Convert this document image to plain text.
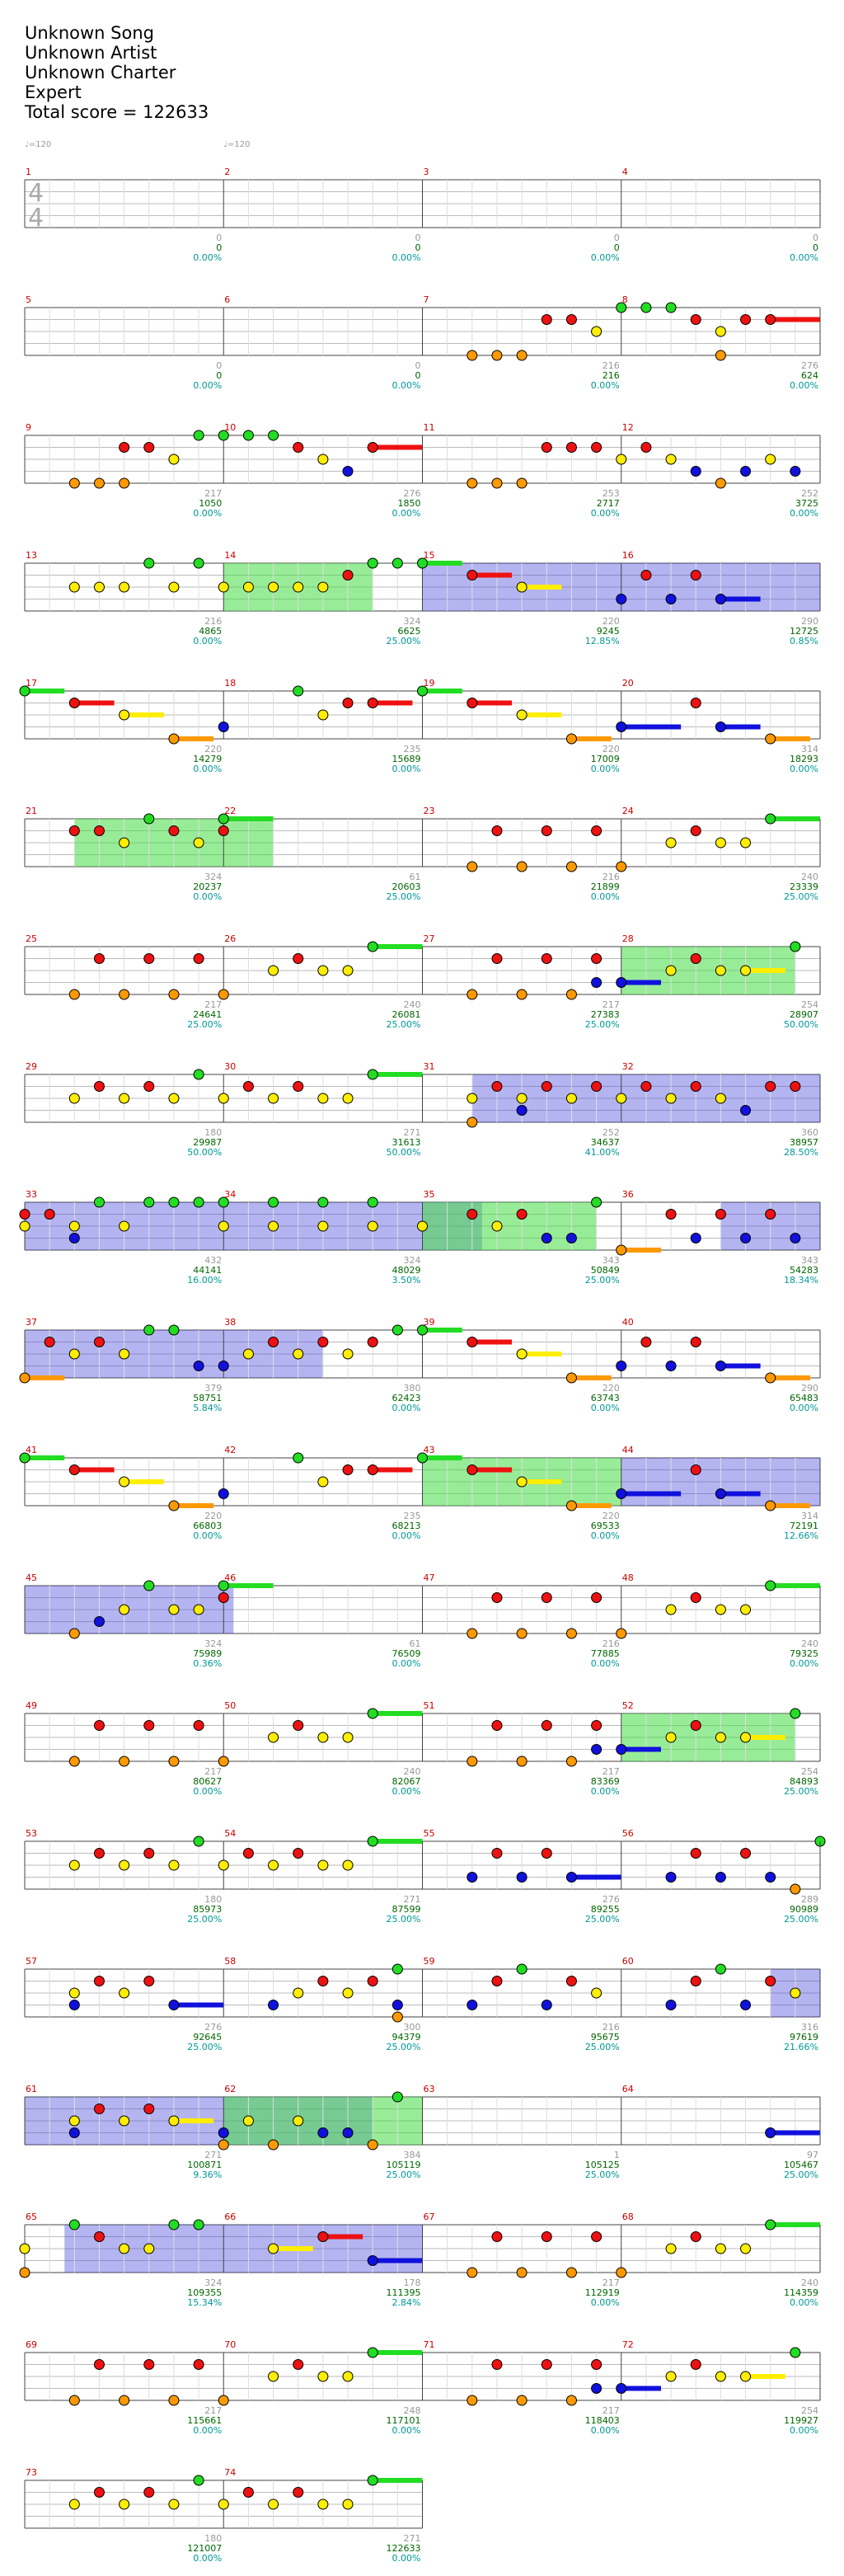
Unknown Song
Unknown Artist
Unknown Charter
Expert
Total score = 122633
1
0
0
0.00%
2
0
0
0.00%
3
0
0
0.00%
4
0
0
0.00%
5
0
0
0.00%
6
0
0
0.00%
7
216
216
0.00%
8
276
624
0.00%
9
217
1050
0.00%
10
276
1850
0.00%
11
253
2717
0.00%
12
252
3725
0.00%
13
216
4865
0.00%
14
324
6625
25.00%
15
220
9245
12.85%
16
290
12725
0.85%
17
220
14279
0.00%
18
235
15689
0.00%
19
220
17009
0.00%
20
314
18293
0.00%
21
324
20237
0.00%
22
61
20603
25.00%
23
216
21899
0.00%
24
240
23339
25.00%
25
217
24641
25.00%
26
240
26081
25.00%
27
217
27383
25.00%
28
254
28907
50.00%
29
180
29987
50.00%
30
271
31613
50.00%
31
252
34637
41.00%
32
360
38957
28.50%
33
432
44141
16.00%
34
324
48029
3.50%
35
343
50849
25.00%
36
343
54283
18.34%
37
379
58751
5.84%
38
380
62423
0.00%
39
220
63743
0.00%
40
290
65483
0.00%
41
220
66803
0.00%
42
235
68213
0.00%
43
220
69533
0.00%
44
314
72191
12.66%
45
324
75989
0.36%
46
61
76509
0.00%
47
216
77885
0.00%
48
240
79325
0.00%
49
217
80627
0.00%
50
240
82067
0.00%
51
217
83369
0.00%
52
254
84893
25.00%
53
180
85973
25.00%
54
271
87599
25.00%
55
276
89255
25.00%
56
289
90989
25.00%
57
276
92645
25.00%
58
300
94379
25.00%
59
216
95675
25.00%
60
316
97619
21.66%
61
271
100871
9.36%
62
384
105119
25.00%
63
1
105125
25.00%
64
97
105467
25.00%
65
324
109355
15.34%
66
178
111395
2.84%
67
217
112919
0.00%
68
240
114359
0.00%
69
217
115661
0.00%
70
248
117101
0.00%
71
217
118403
0.00%
72
254
119927
0.00%
73
180
121007
0.00%
74
271
122633
0.00%
♩=120	♩=120
4
4
